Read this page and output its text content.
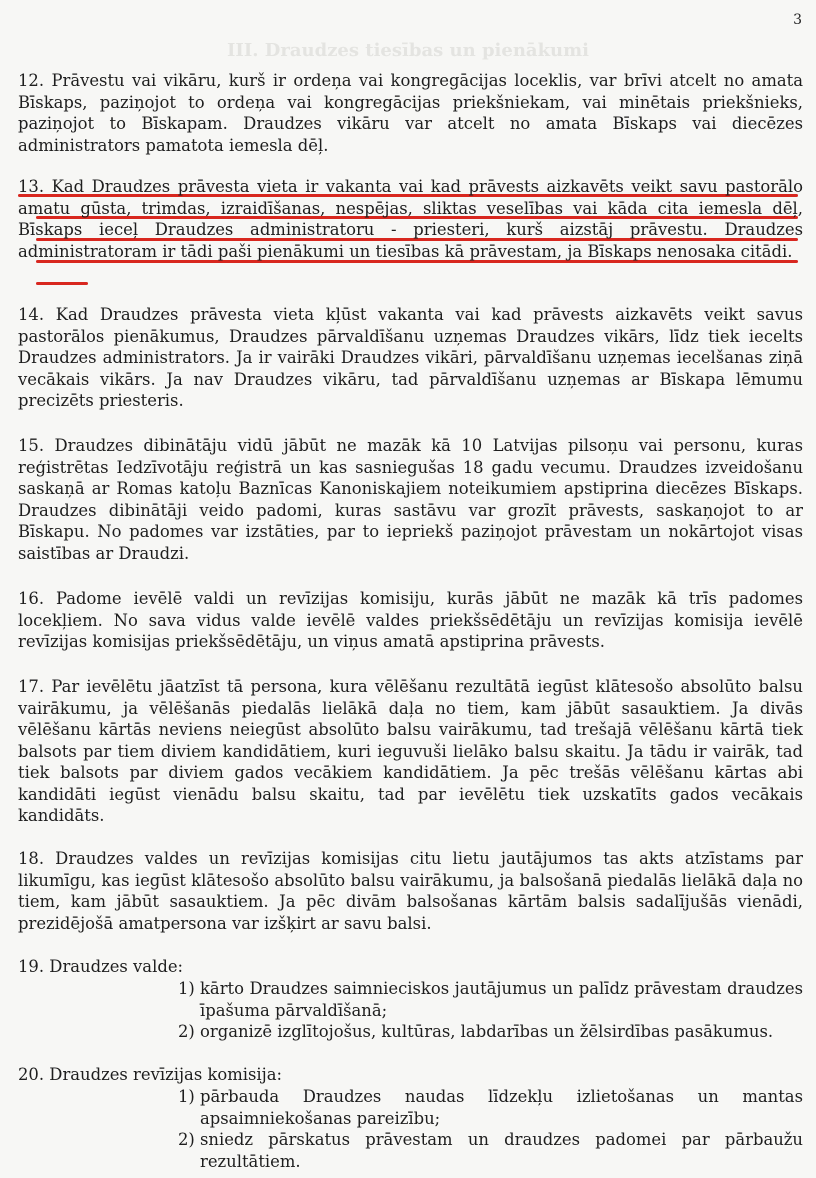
III. Draudzes tiesības un pienākumi
3
12. Prāvestu vai vikāru, kurš ir ordeņa vai kongregācijas loceklis, var brīvi atcelt no amata Bīskaps, paziņojot to ordeņa vai kongregācijas priekšniekam, vai minētais priekšnieks, paziņojot to Bīskapam. Draudzes vikāru var atcelt no amata Bīskaps vai diecēzes administrators pamatota iemesla dēļ.
13. Kad Draudzes prāvesta vieta ir vakanta vai kad prāvests aizkavēts veikt savu pastorālo amatu gūsta, trimdas, izraidīšanas, nespējas, sliktas veselības vai kāda cita iemesla dēļ, Bīskaps ieceļ Draudzes administratoru - priesteri, kurš aizstāj prāvestu. Draudzes administratoram ir tādi paši pienākumi un tiesības kā prāvestam, ja Bīskaps nenosaka citādi.
14. Kad Draudzes prāvesta vieta kļūst vakanta vai kad prāvests aizkavēts veikt savus pastorālos pienākumus, Draudzes pārvaldīšanu uzņemas Draudzes vikārs, līdz tiek iecelts Draudzes administrators. Ja ir vairāki Draudzes vikāri, pārvaldīšanu uzņemas iecelšanas ziņā vecākais vikārs. Ja nav Draudzes vikāru, tad pārvaldīšanu uzņemas ar Bīskapa lēmumu precizēts priesteris.
15. Draudzes dibinātāju vidū jābūt ne mazāk kā 10 Latvijas pilsoņu vai personu, kuras reģistrētas Iedzīvotāju reģistrā un kas sasniegušas 18 gadu vecumu. Draudzes izveidošanu saskaņā ar Romas katoļu Baznīcas Kanoniskajiem noteikumiem apstiprina diecēzes Bīskaps. Draudzes dibinātāji veido padomi, kuras sastāvu var grozīt prāvests, saskaņojot to ar Bīskapu. No padomes var izstāties, par to iepriekš paziņojot prāvestam un nokārtojot visas saistības ar Draudzi.
16. Padome ievēlē valdi un revīzijas komisiju, kurās jābūt ne mazāk kā trīs padomes locekļiem. No sava vidus valde ievēlē valdes priekšsēdētāju un revīzijas komisija ievēlē revīzijas komisijas priekšsēdētāju, un viņus amatā apstiprina prāvests.
17. Par ievēlētu jāatzīst tā persona, kura vēlēšanu rezultātā iegūst klātesošo absolūto balsu vairākumu, ja vēlēšanās piedalās lielākā daļa no tiem, kam jābūt sasauktiem. Ja divās vēlēšanu kārtās neviens neiegūst absolūto balsu vairākumu, tad trešajā vēlēšanu kārtā tiek balsots par tiem diviem kandidātiem, kuri ieguvuši lielāko balsu skaitu. Ja tādu ir vairāk, tad tiek balsots par diviem gados vecākiem kandidātiem. Ja pēc trešās vēlēšanu kārtas abi kandidāti iegūst vienādu balsu skaitu, tad par ievēlētu tiek uzskatīts gados vecākais kandidāts.
18. Draudzes valdes un revīzijas komisijas citu lietu jautājumos tas akts atzīstams par likumīgu, kas iegūst klātesošo absolūto balsu vairākumu, ja balsošanā piedalās lielākā daļa no tiem, kam jābūt sasauktiem. Ja pēc divām balsošanas kārtām balsis sadalījušās vienādi, prezidējošā amatpersona var izšķirt ar savu balsi.
19. Draudzes valde:
1) kārto Draudzes saimnieciskos jautājumus un palīdz prāvestam draudzes īpašuma pārvaldīšanā;
2) organizē izglītojošus, kultūras, labdarības un žēlsirdības pasākumus.
20. Draudzes revīzijas komisija:
1) pārbauda Draudzes naudas līdzekļu izlietošanas un mantas apsaimniekošanas pareizību;
2) sniedz pārskatus prāvestam un draudzes padomei par pārbaužu rezultātiem.
